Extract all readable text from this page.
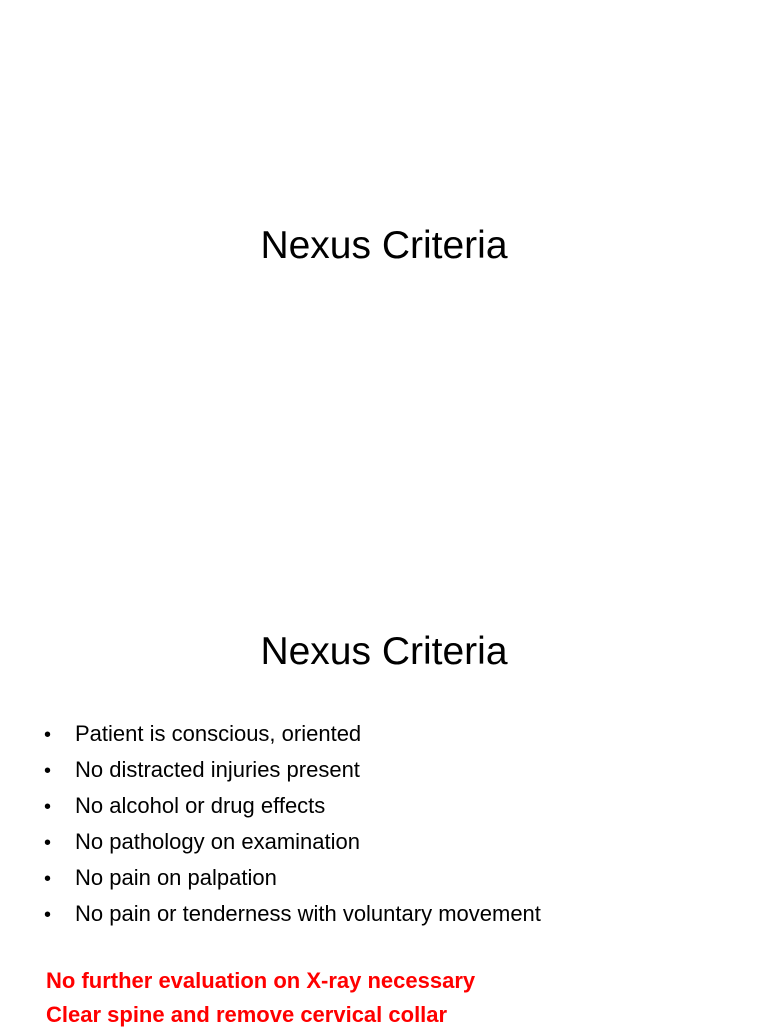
Nexus Criteria
Nexus Criteria
•	Patient is conscious, oriented
•	No distracted injuries present
•	No alcohol or drug effects
•	No pathology on examination
•	No pain on palpation
•	No pain or tenderness with voluntary movement
No further evaluation on X-ray necessary
Clear spine and remove cervical collar
